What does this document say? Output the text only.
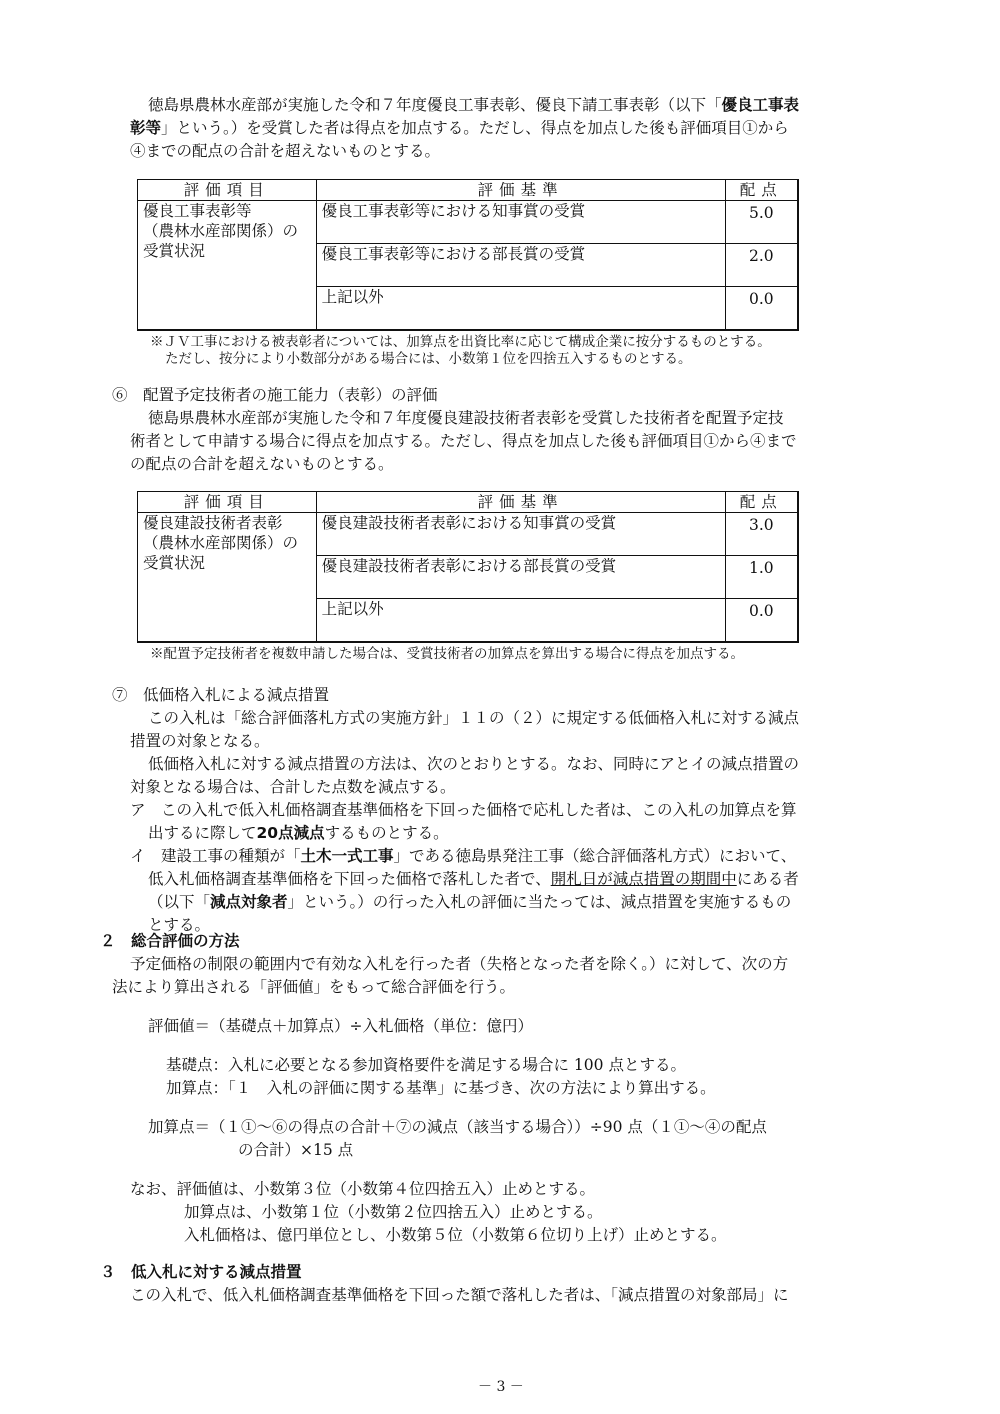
徳島県農林水産部が実施した令和７年度優良工事表彰、優良下請工事表彰（以下「優良工事表
彰等」という。）を受賞した者は得点を加点する。ただし、得点を加点した後も評価項目①から
④までの配点の合計を超えないものとする。
評価項目	評価基準	配点

優良工事表彰等
（農林水産部関係）の
受賞状況	優良工事表彰等における知事賞の受賞	5.0
	優良工事表彰等における部長賞の受賞	2.0
	上記以外	0.0
※ＪＶ工事における被表彰者については、加算点を出資比率に応じて構成企業に按分するものとする。
ただし、按分により小数部分がある場合には、小数第１位を四捨五入するものとする。
⑥　配置予定技術者の施工能力（表彰）の評価
徳島県農林水産部が実施した令和７年度優良建設技術者表彰を受賞した技術者を配置予定技
術者として申請する場合に得点を加点する。ただし、得点を加点した後も評価項目①から④まで
の配点の合計を超えないものとする。
評価項目	評価基準	配点

優良建設技術者表彰
（農林水産部関係）の
受賞状況	優良建設技術者表彰における知事賞の受賞	3.0
	優良建設技術者表彰における部長賞の受賞	1.0
	上記以外	0.0
※配置予定技術者を複数申請した場合は、受賞技術者の加算点を算出する場合に得点を加点する。
⑦　低価格入札による減点措置
この入札は「総合評価落札方式の実施方針」１１の（２）に規定する低価格入札に対する減点
措置の対象となる。
低価格入札に対する減点措置の方法は、次のとおりとする。なお、同時にアとイの減点措置の
対象となる場合は、合計した点数を減点する。
ア　この入札で低入札価格調査基準価格を下回った価格で応札した者は、この入札の加算点を算
出するに際して20点減点するものとする。
イ　建設工事の種類が「土木一式工事」である徳島県発注工事（総合評価落札方式）において、
低入札価格調査基準価格を下回った価格で落札した者で、開札日が減点措置の期間中にある者
（以下「減点対象者」という。）の行った入札の評価に当たっては、減点措置を実施するもの
とする。
２　総合評価の方法
予定価格の制限の範囲内で有効な入札を行った者（失格となった者を除く。）に対して、次の方
法により算出される「評価値」をもって総合評価を行う。
評価値＝（基礎点＋加算点）÷入札価格（単位：億円）
基礎点：入札に必要となる参加資格要件を満足する場合に 100 点とする。
加算点：「１　入札の評価に関する基準」に基づき、次の方法により算出する。
加算点＝（１①～⑥の得点の合計＋⑦の減点（該当する場合））÷90 点（１①～④の配点
の合計）×15 点
なお、評価値は、小数第３位（小数第４位四捨五入）止めとする。
加算点は、小数第１位（小数第２位四捨五入）止めとする。
入札価格は、億円単位とし、小数第５位（小数第６位切り上げ）止めとする。
３　低入札に対する減点措置
この入札で、低入札価格調査基準価格を下回った額で落札した者は、「減点措置の対象部局」に
－ 3 －
